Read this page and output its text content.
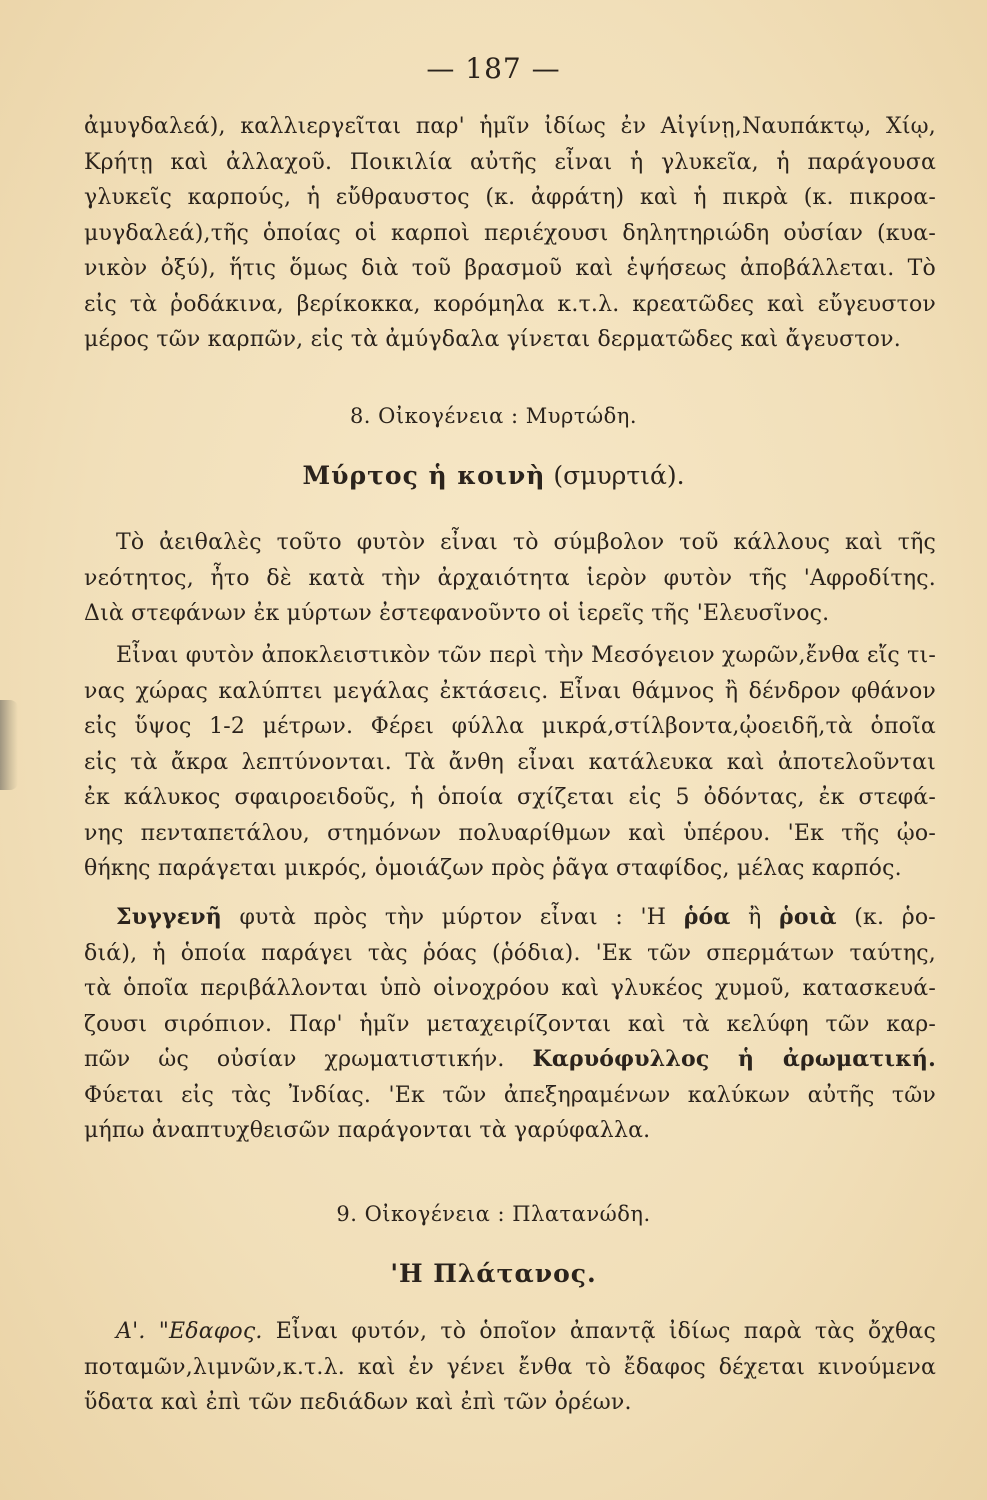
— 187 —
ἀμυγδαλεά), καλλιεργεῖται παρ' ἡμῖν ἰδίως ἐν Αἰγίνῃ,Ναυπάκτῳ, Χίῳ,
Κρήτῃ καὶ ἀλλαχοῦ. Ποικιλία αὐτῆς εἶναι ἡ γλυκεῖα, ἡ παράγουσα
γλυκεῖς καρπούς, ἡ εὔθραυστος (κ. ἀφράτη) καὶ ἡ πικρὰ (κ. πικροα-
μυγδαλεά),τῆς ὁποίας οἱ καρποὶ περιέχουσι δηλητηριώδη οὐσίαν (κυα-
νικὸν ὀξύ), ἥτις ὅμως διὰ τοῦ βρασμοῦ καὶ ἑψήσεως ἀποβάλλεται. Τὸ
εἰς τὰ ῥοδάκινα, βερίκοκκα, κορόμηλα κ.τ.λ. κρεατῶδες καὶ εὔγευστον
μέρος τῶν καρπῶν, εἰς τὰ ἀμύγδαλα γίνεται δερματῶδες καὶ ἄγευστον.
8. Οἰκογένεια : Μυρτώδη.
Μύρτος ἡ κοινὴ (σμυρτιά).
Τὸ ἀειθαλὲς τοῦτο φυτὸν εἶναι τὸ σύμβολον τοῦ κάλλους καὶ τῆς
νεότητος, ἦτο δὲ κατὰ τὴν ἀρχαιότητα ἱερὸν φυτὸν τῆς 'Αφροδίτης.
Διὰ στεφάνων ἐκ μύρτων ἐστεφανοῦντο οἱ ἱερεῖς τῆς 'Ελευσῖνος.
Εἶναι φυτὸν ἀποκλειστικὸν τῶν περὶ τὴν Μεσόγειον χωρῶν,ἔνθα εἴς τι-
νας χώρας καλύπτει μεγάλας ἐκτάσεις. Εἶναι θάμνος ἢ δένδρον φθάνον
εἰς ὕψος 1-2 μέτρων. Φέρει φύλλα μικρά,στίλβοντα,ᾠοειδῆ,τὰ ὁποῖα
εἰς τὰ ἄκρα λεπτύνονται. Τὰ ἄνθη εἶναι κατάλευκα καὶ ἀποτελοῦνται
ἐκ κάλυκος σφαιροειδοῦς, ἡ ὁποία σχίζεται εἰς 5 ὀδόντας, ἐκ στεφά-
νης πενταπετάλου, στημόνων πολυαρίθμων καὶ ὑπέρου. 'Εκ τῆς ᾠο-
θήκης παράγεται μικρός, ὁμοιάζων πρὸς ῥᾶγα σταφίδος, μέλας καρπός.
Συγγενῆ φυτὰ πρὸς τὴν μύρτον εἶναι : 'Η ῥόα ἢ ῥοιὰ (κ. ῥο-
διά), ἡ ὁποία παράγει τὰς ῥόας (ῥόδια). 'Εκ τῶν σπερμάτων ταύτης,
τὰ ὁποῖα περιβάλλονται ὑπὸ οἰνοχρόου καὶ γλυκέος χυμοῦ, κατασκευά-
ζουσι σιρόπιον. Παρ' ἡμῖν μεταχειρίζονται καὶ τὰ κελύφη τῶν καρ-
πῶν ὡς οὐσίαν χρωματιστικήν. Καρυόφυλλος ἡ ἀρωματική.
Φύεται εἰς τὰς Ἰνδίας. 'Εκ τῶν ἀπεξηραμένων καλύκων αὐτῆς τῶν
μήπω ἀναπτυχθεισῶν παράγονται τὰ γαρύφαλλα.
9. Οἰκογένεια : Πλατανώδη.
'Η Πλάτανος.
Α'. "Εδαφος. Εἶναι φυτόν, τὸ ὁποῖον ἀπαντᾷ ἰδίως παρὰ τὰς ὄχθας
ποταμῶν,λιμνῶν,κ.τ.λ. καὶ ἐν γένει ἔνθα τὸ ἔδαφος δέχεται κινούμενα
ὕδατα καὶ ἐπὶ τῶν πεδιάδων καὶ ἐπὶ τῶν ὀρέων.
